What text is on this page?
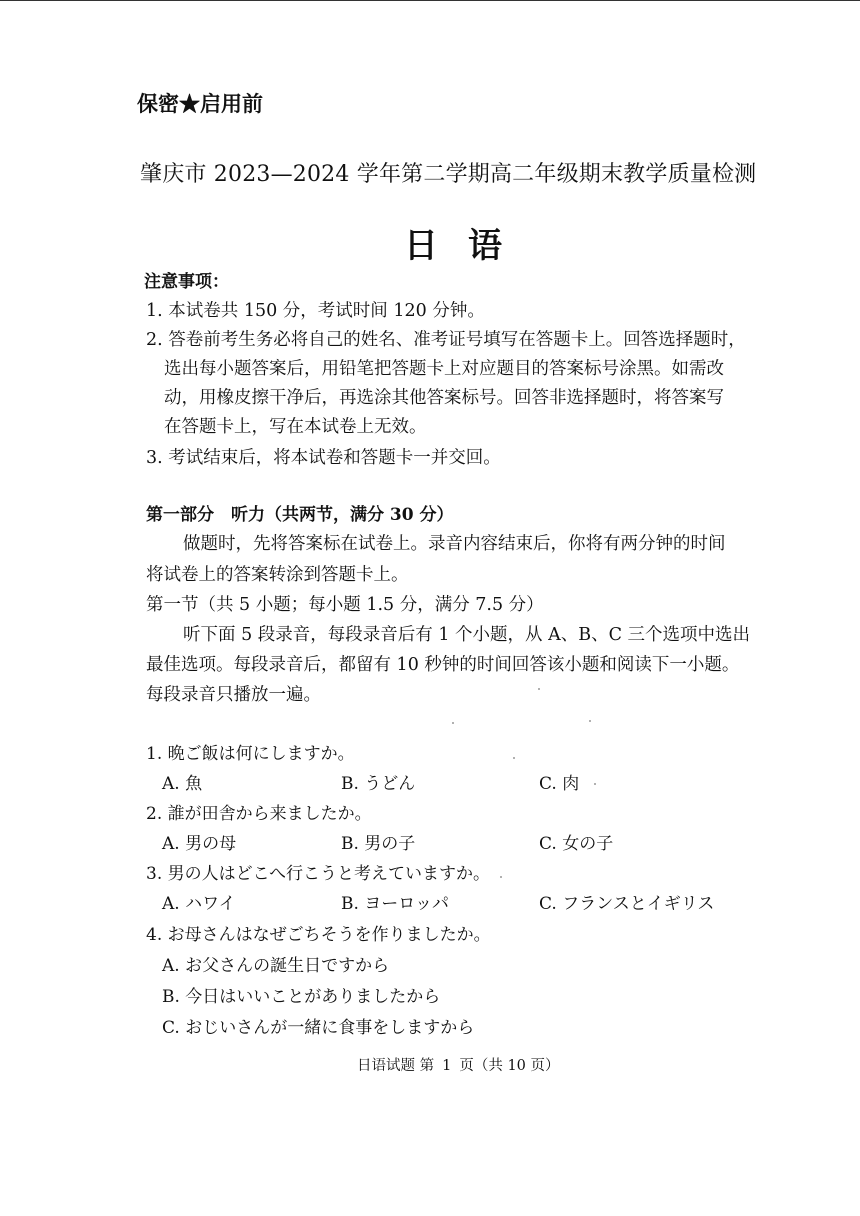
保密★启用前
肇庆市 2023—2024 学年第二学期高二年级期末教学质量检测
日语
注意事项：
1. 本试卷共 150 分，考试时间 120 分钟。
2. 答卷前考生务必将自己的姓名、准考证号填写在答题卡上。回答选择题时，
选出每小题答案后，用铅笔把答题卡上对应题目的答案标号涂黑。如需改
动，用橡皮擦干净后，再选涂其他答案标号。回答非选择题时，将答案写
在答题卡上，写在本试卷上无效。
3. 考试结束后，将本试卷和答题卡一并交回。
第一部分　听力（共两节，满分 30 分）
做题时，先将答案标在试卷上。录音内容结束后，你将有两分钟的时间
将试卷上的答案转涂到答题卡上。
第一节（共 5 小题；每小题 1.5 分，满分 7.5 分）
听下面 5 段录音，每段录音后有 1 个小题，从 A、B、C 三个选项中选出
最佳选项。每段录音后，都留有 10 秒钟的时间回答该小题和阅读下一小题。
每段录音只播放一遍。
1. 晩ご飯は何にしますか。
A. 魚	B. うどん	C. 肉
2. 誰が田舎から来ましたか。
A. 男の母	B. 男の子	C. 女の子
3. 男の人はどこへ行こうと考えていますか。
A. ハワイ	B. ヨーロッパ	C. フランスとイギリス
4. お母さんはなぜごちそうを作りましたか。
A. お父さんの誕生日ですから
B. 今日はいいことがありましたから
C. おじいさんが一緒に食事をしますから
日语试题 第 1 页（共 10 页）
